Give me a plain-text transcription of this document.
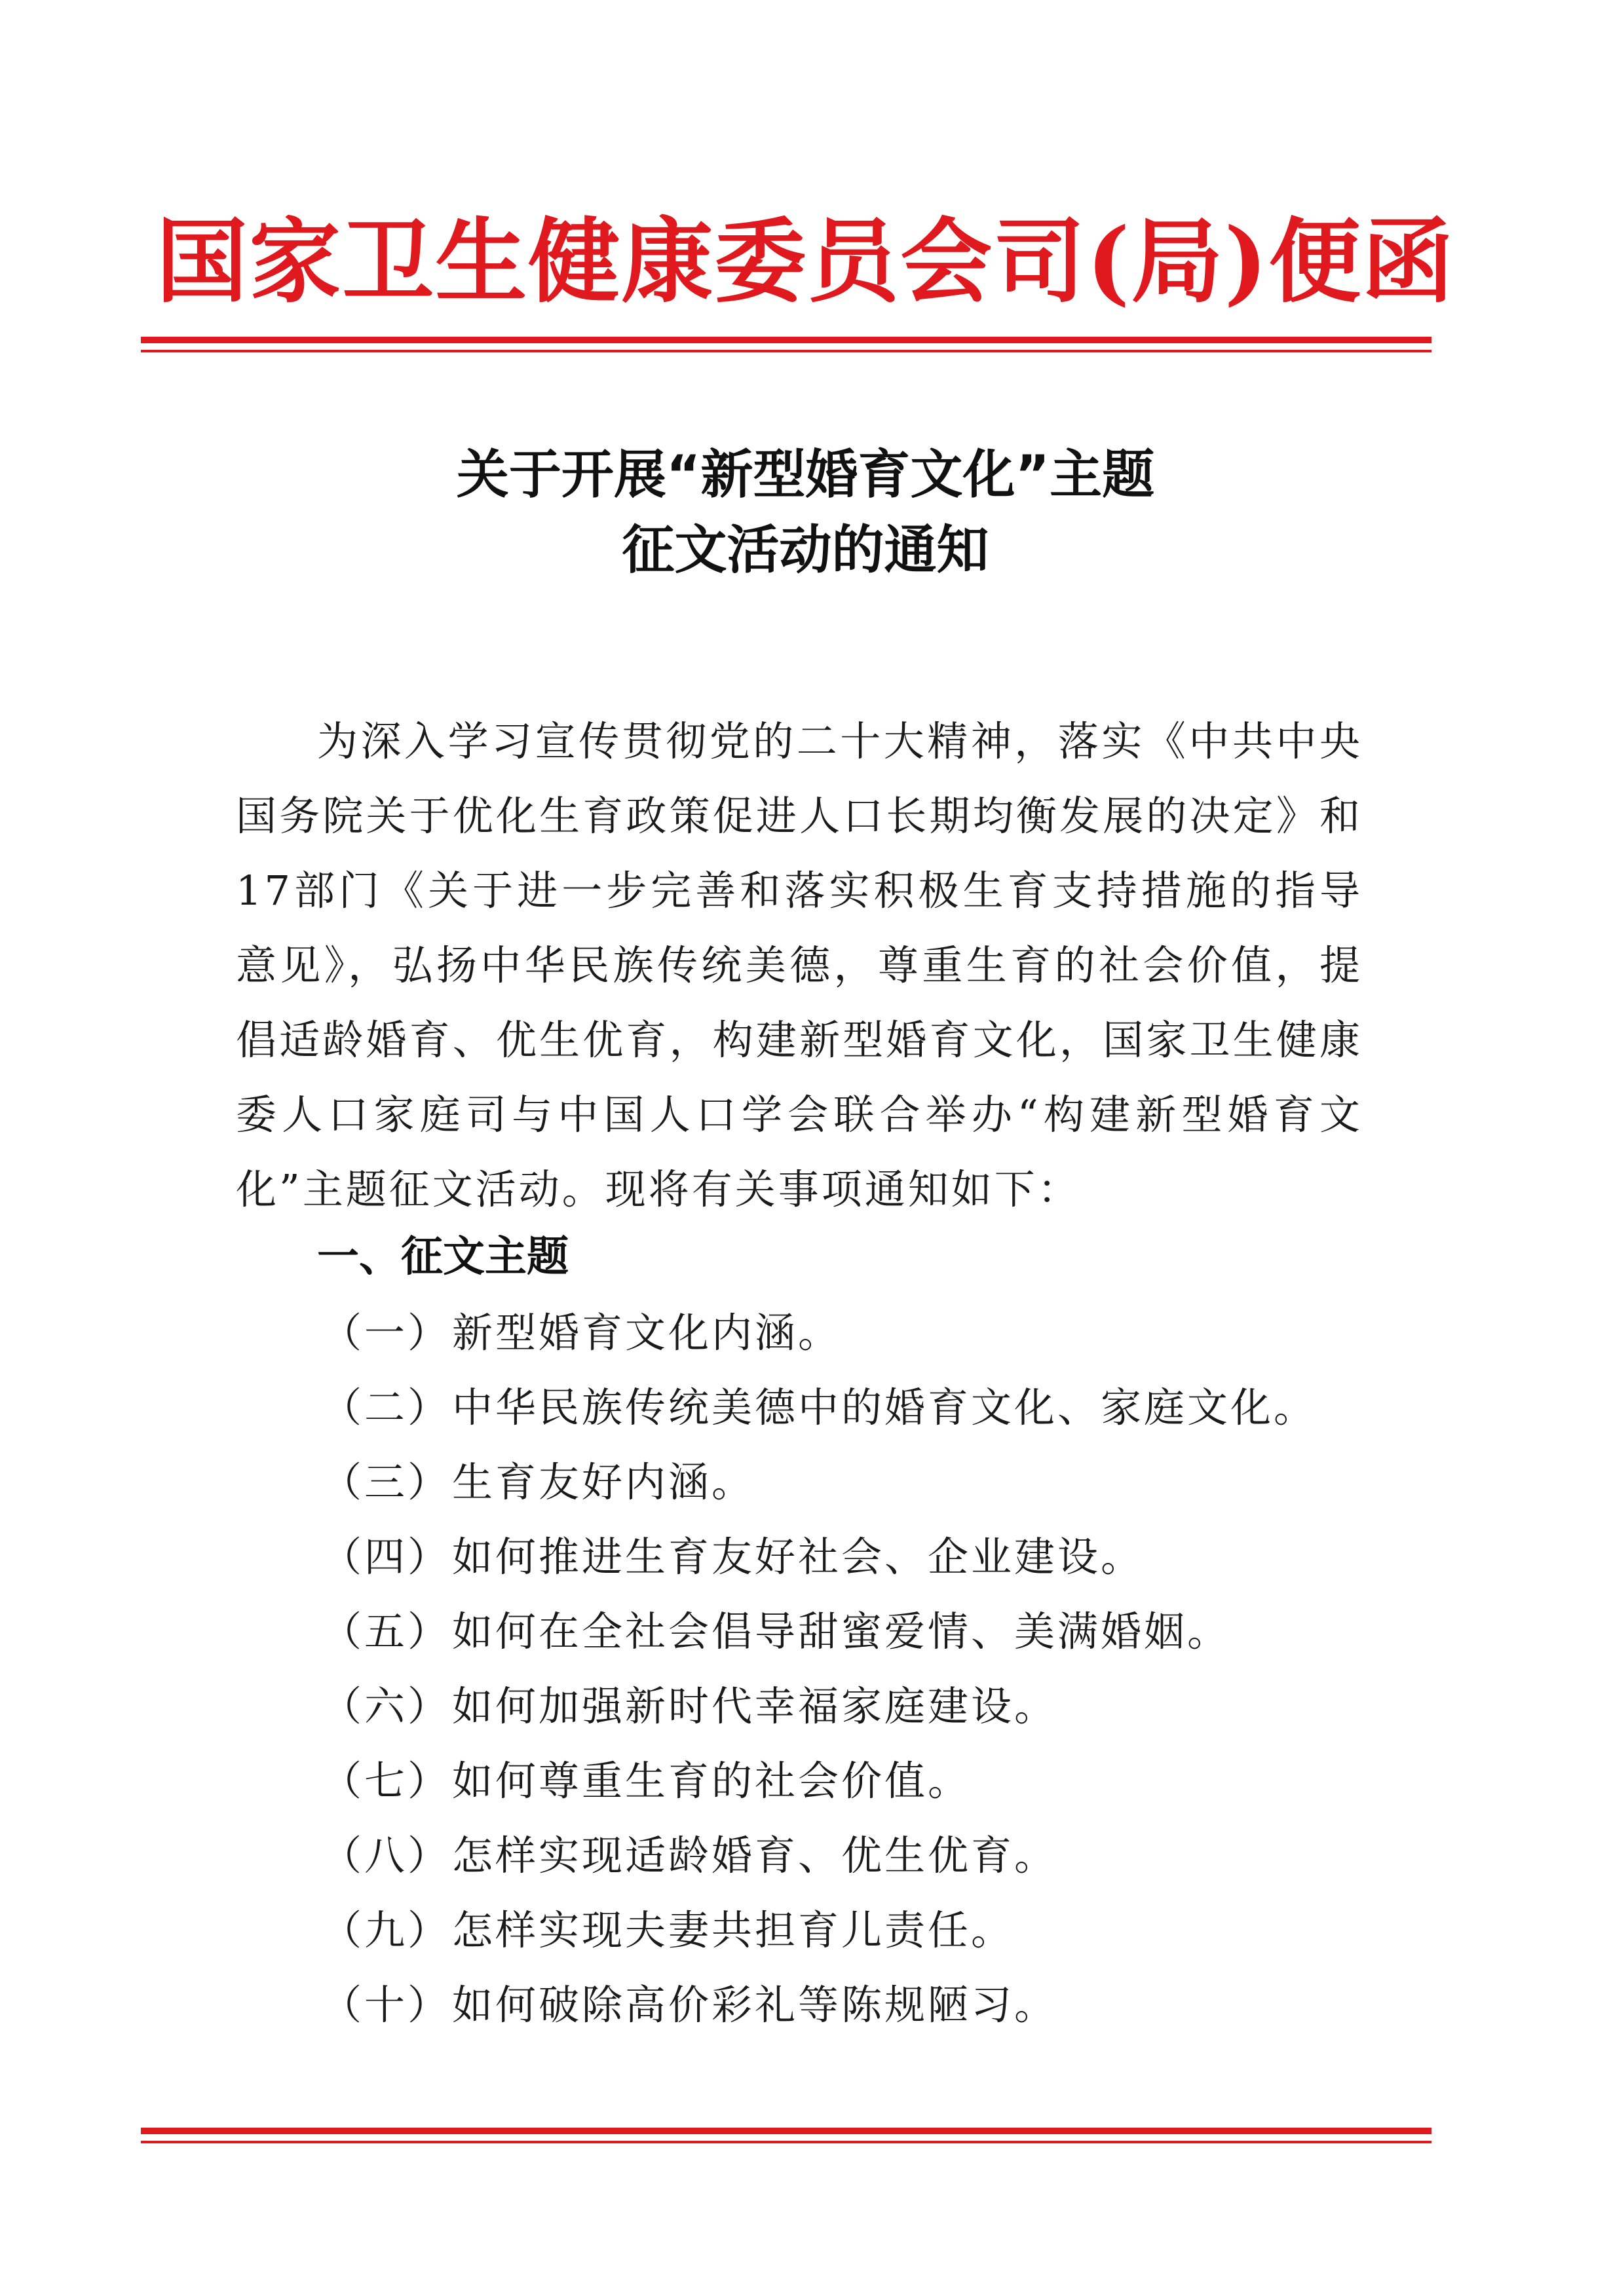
国家卫生健康委员会司(局)便函
关于开展“新型婚育文化”主题
征文活动的通知
为深入学习宣传贯彻党的二十大精神，落实《中共中央国务院关于优化生育政策促进人口长期均衡发展的决定》和17部门《关于进一步完善和落实积极生育支持措施的指导意见》，弘扬中华民族传统美德，尊重生育的社会价值，提倡适龄婚育、优生优育，构建新型婚育文化，国家卫生健康委人口家庭司与中国人口学会联合举办“构建新型婚育文化”主题征文活动。现将有关事项通知如下：
一、征文主题
（一）新型婚育文化内涵。
（二）中华民族传统美德中的婚育文化、家庭文化。
（三）生育友好内涵。
（四）如何推进生育友好社会、企业建设。
（五）如何在全社会倡导甜蜜爱情、美满婚姻。
（六）如何加强新时代幸福家庭建设。
（七）如何尊重生育的社会价值。
（八）怎样实现适龄婚育、优生优育。
（九）怎样实现夫妻共担育儿责任。
（十）如何破除高价彩礼等陈规陋习。
